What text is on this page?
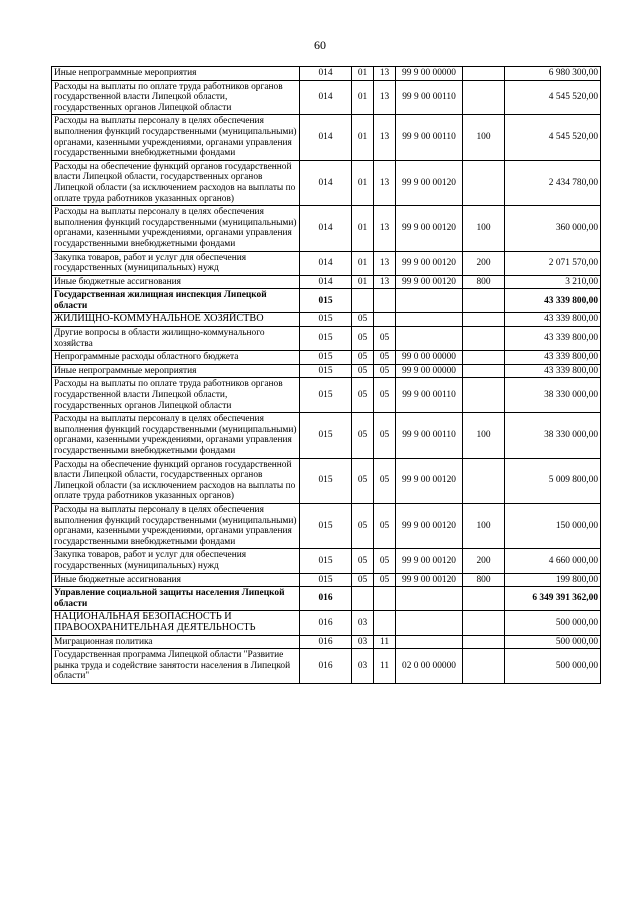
60
Иные непрограммные мероприятия	014	01	13	99 9 00 00000		6 980 300,00
Расходы на выплаты по оплате труда работников органов государственной власти Липецкой области, государственных органов Липецкой области	014	01	13	99 9 00 00110		4 545 520,00
Расходы на выплаты персоналу в целях обеспечения выполнения функций государственными (муниципальными) органами, казенными учреждениями, органами управления государственными внебюджетными фондами	014	01	13	99 9 00 00110	100	4 545 520,00
Расходы на обеспечение функций органов государственной власти Липецкой области, государственных органов Липецкой области (за исключением расходов на выплаты по оплате труда работников указанных органов)	014	01	13	99 9 00 00120		2 434 780,00
Расходы на выплаты персоналу в целях обеспечения выполнения функций государственными (муниципальными) органами, казенными учреждениями, органами управления государственными внебюджетными фондами	014	01	13	99 9 00 00120	100	360 000,00
Закупка товаров, работ и услуг для обеспечения государственных (муниципальных) нужд	014	01	13	99 9 00 00120	200	2 071 570,00
Иные бюджетные ассигнования	014	01	13	99 9 00 00120	800	3 210,00
Государственная жилищная инспекция Липецкой области	015					43 339 800,00
ЖИЛИЩНО-КОММУНАЛЬНОЕ ХОЗЯЙСТВО	015	05				43 339 800,00
Другие вопросы в области жилищно-коммунального хозяйства	015	05	05			43 339 800,00
Непрограммные расходы областного бюджета	015	05	05	99 0 00 00000		43 339 800,00
Иные непрограммные мероприятия	015	05	05	99 9 00 00000		43 339 800,00
Расходы на выплаты по оплате труда работников органов государственной власти Липецкой области, государственных органов Липецкой области	015	05	05	99 9 00 00110		38 330 000,00
Расходы на выплаты персоналу в целях обеспечения выполнения функций государственными (муниципальными) органами, казенными учреждениями, органами управления государственными внебюджетными фондами	015	05	05	99 9 00 00110	100	38 330 000,00
Расходы на обеспечение функций органов государственной власти Липецкой области, государственных органов Липецкой области (за исключением расходов на выплаты по оплате труда работников указанных органов)	015	05	05	99 9 00 00120		5 009 800,00
Расходы на выплаты персоналу в целях обеспечения выполнения функций государственными (муниципальными) органами, казенными учреждениями, органами управления государственными внебюджетными фондами	015	05	05	99 9 00 00120	100	150 000,00
Закупка товаров, работ и услуг для обеспечения государственных (муниципальных) нужд	015	05	05	99 9 00 00120	200	4 660 000,00
Иные бюджетные ассигнования	015	05	05	99 9 00 00120	800	199 800,00
Управление социальной защиты населения Липецкой области	016					6 349 391 362,00
НАЦИОНАЛЬНАЯ БЕЗОПАСНОСТЬ И ПРАВООХРАНИТЕЛЬНАЯ ДЕЯТЕЛЬНОСТЬ	016	03				500 000,00
Миграционная политика	016	03	11			500 000,00
Государственная программа Липецкой области "Развитие рынка труда и содействие занятости населения в Липецкой области"	016	03	11	02 0 00 00000		500 000,00
